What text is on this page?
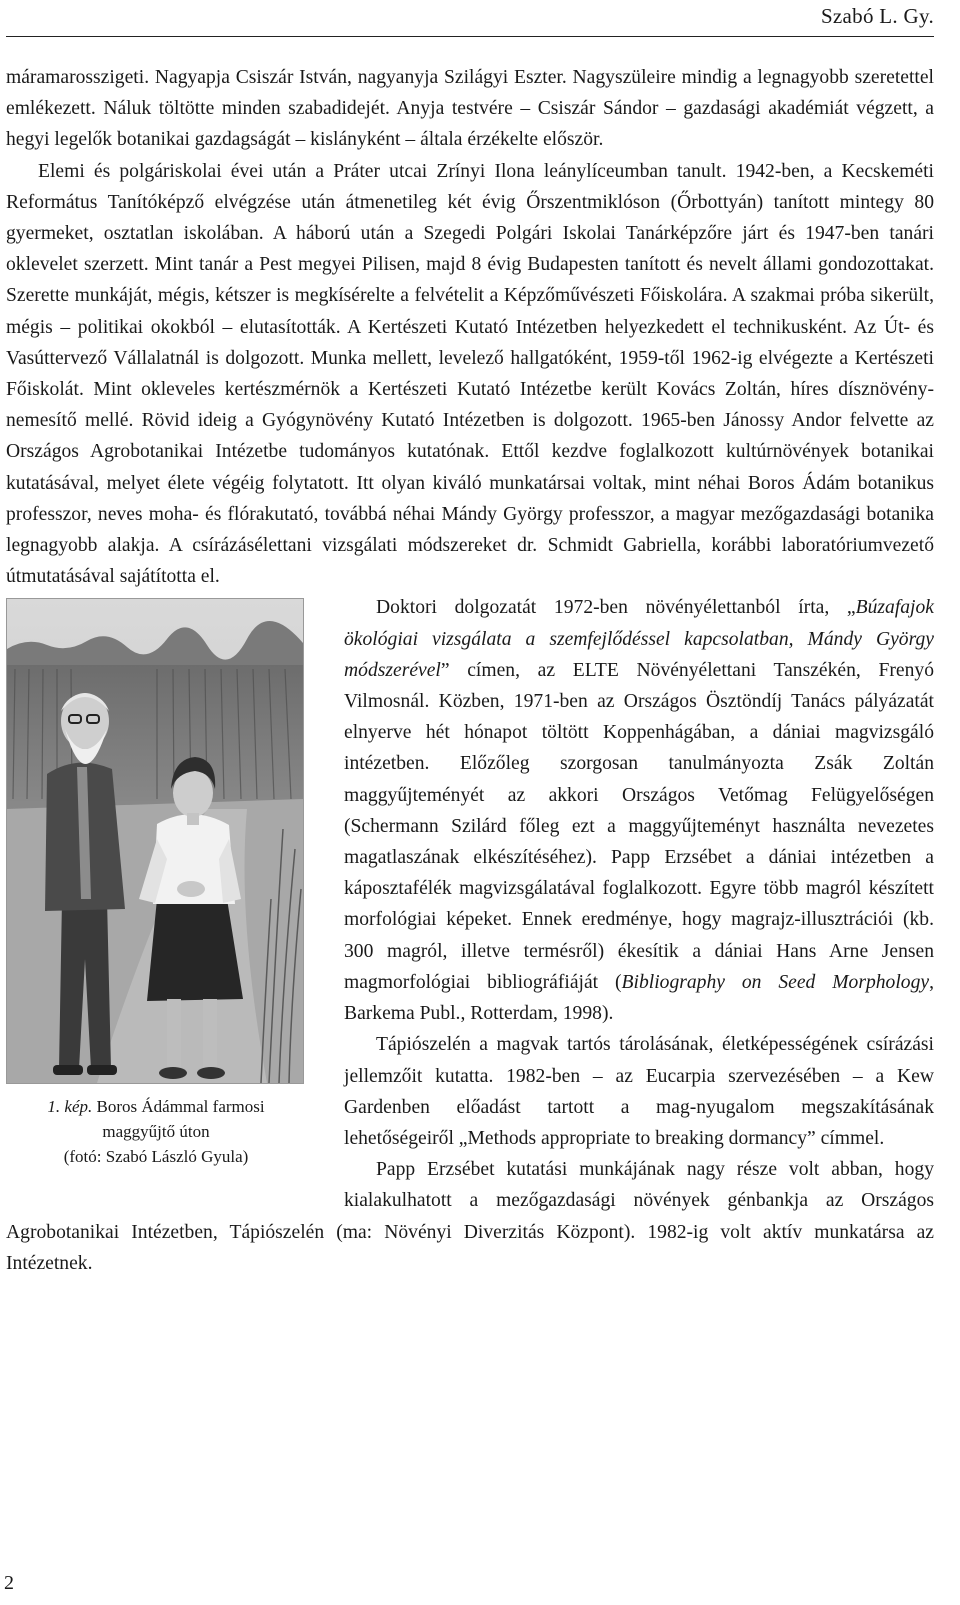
Szabó L. Gy.

máramarosszigeti. Nagyapja Csiszár István, nagyanyja Szilágyi Eszter. Nagyszüleire mindig a legnagyobb szeretettel emlékezett. Náluk töltötte minden szabadidejét. Anyja testvére – Csiszár Sándor – gazdasági akadémiát végzett, a hegyi legelők botanikai gazdagságát – kislányként – általa érzékelte először.

Elemi és polgáriskolai évei után a Práter utcai Zrínyi Ilona leánylíceumban tanult. 1942-ben, a Kecskeméti Református Tanítóképző elvégzése után átmenetileg két évig Őrszentmiklóson (Őrbottyán) tanított mintegy 80 gyermeket, osztatlan iskolában. A háború után a Szegedi Polgári Iskolai Tanárképzőre járt és 1947-ben tanári oklevelet szerzett. Mint tanár a Pest megyei Pilisen, majd 8 évig Budapesten tanított és nevelt állami gondozottakat. Szerette munkáját, mégis, kétszer is megkísérelte a felvételit a Képzőművészeti Főiskolára. A szakmai próba sikerült, mégis – politikai okokból – elutasították. A Kertészeti Kutató Intézetben helyezkedett el technikusként. Az Út- és Vasúttervező Vállalatnál is dolgozott. Munka mellett, levelező hallgatóként, 1959-től 1962-ig elvégezte a Kertészeti Főiskolát. Mint okleveles kertészmérnök a Kertészeti Kutató Intézetbe került Kovács Zoltán, híres dísznövény-nemesítő mellé. Rövid ideig a Gyógynövény Kutató Intézetben is dolgozott. 1965-ben Jánossy Andor felvette az Országos Agrobotanikai Intézetbe tudományos kutatónak. Ettől kezdve foglalkozott kultúrnövények botanikai kutatásával, melyet élete végéig folytatott. Itt olyan kiváló munkatársai voltak, mint néhai Boros Ádám botanikus professzor, neves moha- és flórakutató, továbbá néhai Mándy György professzor, a magyar mezőgazdasági botanika legnagyobb alakja. A csírázásélettani vizsgálati módszereket dr. Schmidt Gabriella, korábbi laboratóriumvezető útmutatásával sajátította el.

1. kép. Boros Ádámmal farmosi
maggyűjtő úton
(fotó: Szabó László Gyula)

Doktori dolgozatát 1972-ben növényélettanból írta, „Búzafajok ökológiai vizsgálata a szemfejlődéssel kapcsolatban, Mándy György módszerével” címen, az ELTE Növényélettani Tanszékén, Frenyó Vilmosnál. Közben, 1971-ben az Országos Ösztöndíj Tanács pályázatát elnyerve hét hónapot töltött Koppenhágában, a dániai magvizsgáló intézetben. Előzőleg szorgosan tanulmányozta Zsák Zoltán maggyűjteményét az akkori Országos Vetőmag Felügyelőségen (Schermann Szilárd főleg ezt a maggyűjteményt használta nevezetes magatlaszának elkészítéséhez). Papp Erzsébet a dániai intézetben a káposztafélék magvizsgálatával foglalkozott. Egyre több magról készített morfológiai képeket. Ennek eredménye, hogy magrajz-illusztrációi (kb. 300 magról, illetve termésről) ékesítik a dániai Hans Arne Jensen magmorfológiai bibliográfiáját (Bibliography on Seed Morphology, Barkema Publ., Rotterdam, 1998).

Tápiószelén a magvak tartós tárolásának, életképességének csírázási jellemzőit kutatta. 1982-ben – az Eucarpia szervezésében – a Kew Gardenben előadást tartott a mag-nyugalom megszakításának lehetőségeiről „Methods appropriate to breaking dormancy” címmel.

Papp Erzsébet kutatási munkájának nagy része volt abban, hogy kialakulhatott a mezőgazdasági növények génbankja az Országos Agrobotanikai Intézetben, Tápiószelén (ma: Növényi Diverzitás Központ). 1982-ig volt aktív munkatársa az Intézetnek.

2
